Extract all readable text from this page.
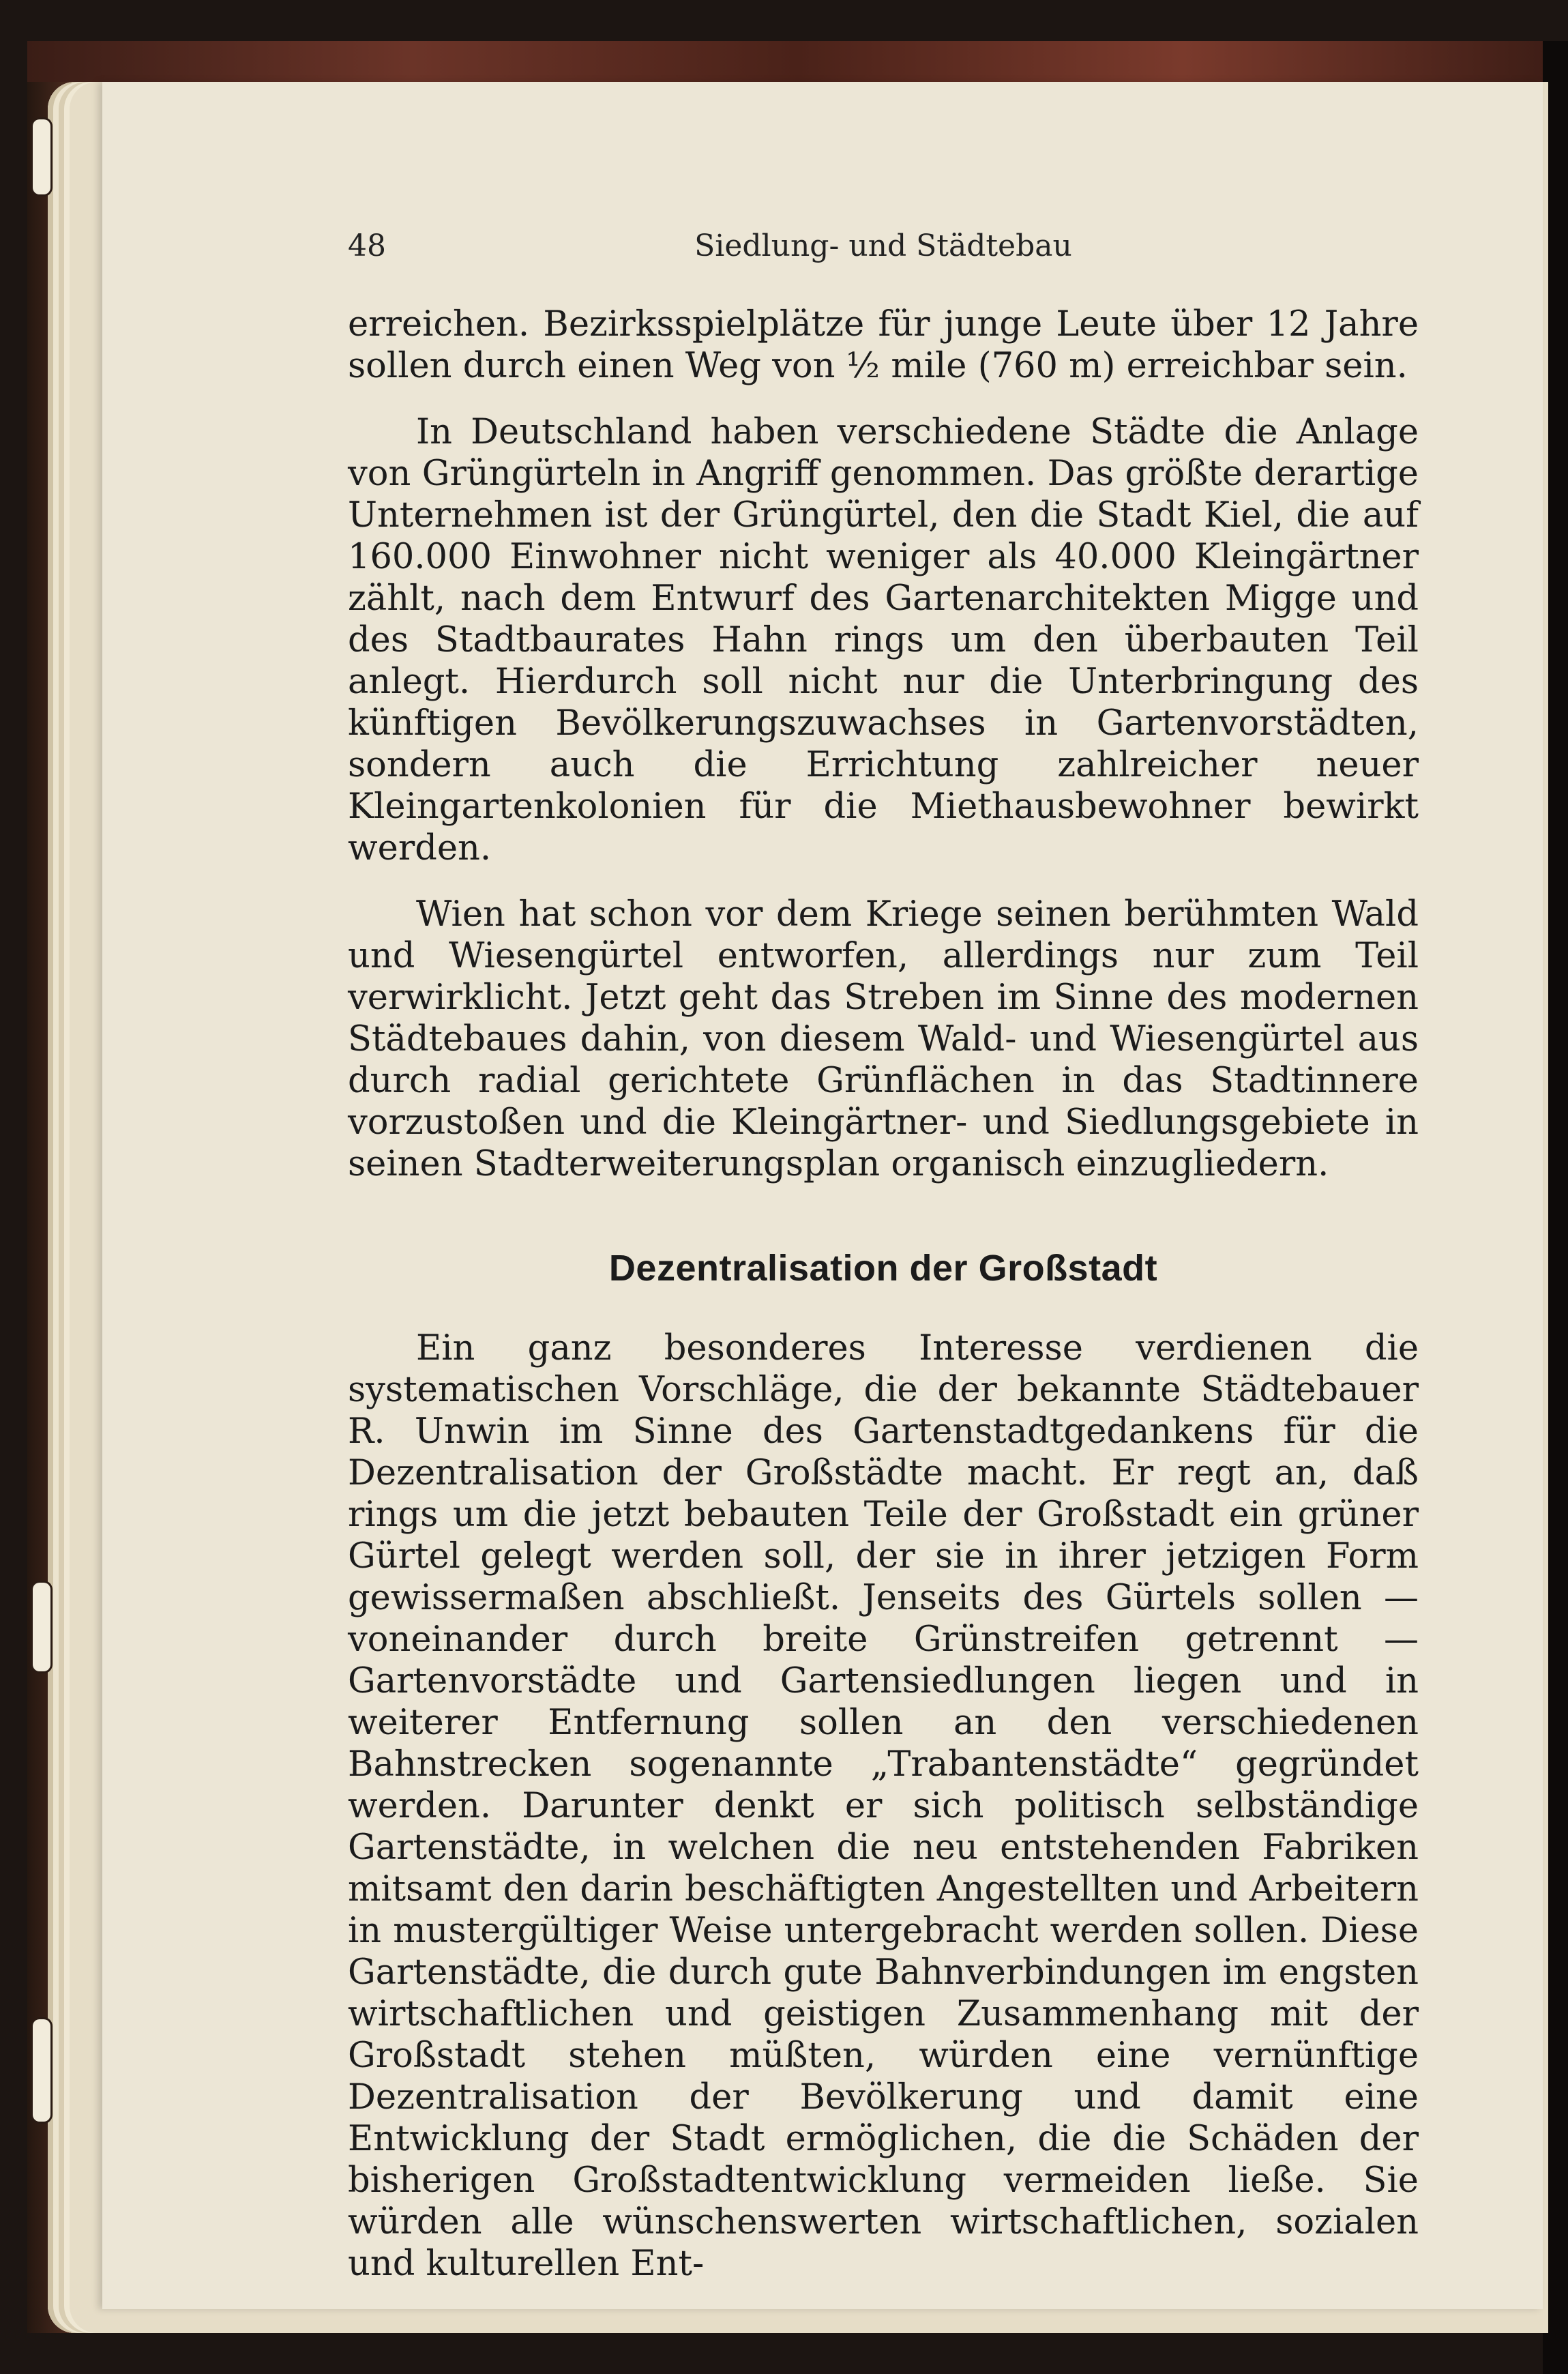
48	Siedlung- und Städtebau

erreichen. Bezirksspielplätze für junge Leute über 12 Jahre sollen durch einen Weg von ½ mile (760 m) erreichbar sein.

In Deutschland haben verschiedene Städte die Anlage von Grüngürteln in Angriff genommen. Das größte derartige Unternehmen ist der Grüngürtel, den die Stadt Kiel, die auf 160.000 Einwohner nicht weniger als 40.000 Kleingärtner zählt, nach dem Entwurf des Gartenarchitekten Migge und des Stadtbaurates Hahn rings um den überbauten Teil anlegt. Hierdurch soll nicht nur die Unterbringung des künftigen Bevölkerungszuwachses in Gartenvorstädten, sondern auch die Errichtung zahlreicher neuer Kleingartenkolonien für die Miethausbewohner bewirkt werden.

Wien hat schon vor dem Kriege seinen berühmten Wald und Wiesengürtel entworfen, allerdings nur zum Teil verwirklicht. Jetzt geht das Streben im Sinne des modernen Städtebaues dahin, von diesem Wald- und Wiesengürtel aus durch radial gerichtete Grünflächen in das Stadtinnere vorzustoßen und die Kleingärtner- und Siedlungsgebiete in seinen Stadterweiterungsplan organisch einzugliedern.

Dezentralisation der Großstadt

Ein ganz besonderes Interesse verdienen die systematischen Vorschläge, die der bekannte Städtebauer R. Unwin im Sinne des Gartenstadtgedankens für die Dezentralisation der Großstädte macht. Er regt an, daß rings um die jetzt bebauten Teile der Großstadt ein grüner Gürtel gelegt werden soll, der sie in ihrer jetzigen Form gewissermaßen abschließt. Jenseits des Gürtels sollen — voneinander durch breite Grünstreifen getrennt — Gartenvorstädte und Gartensiedlungen liegen und in weiterer Entfernung sollen an den verschiedenen Bahnstrecken sogenannte „Trabantenstädte“ gegründet werden. Darunter denkt er sich politisch selbständige Gartenstädte, in welchen die neu entstehenden Fabriken mitsamt den darin beschäftigten Angestellten und Arbeitern in mustergültiger Weise untergebracht werden sollen. Diese Gartenstädte, die durch gute Bahnverbindungen im engsten wirtschaftlichen und geistigen Zusammenhang mit der Großstadt stehen müßten, würden eine vernünftige Dezentralisation der Bevölkerung und damit eine Entwicklung der Stadt ermöglichen, die die Schäden der bisherigen Großstadtentwicklung vermeiden ließe. Sie würden alle wünschenswerten wirtschaftlichen, sozialen und kulturellen Ent-
